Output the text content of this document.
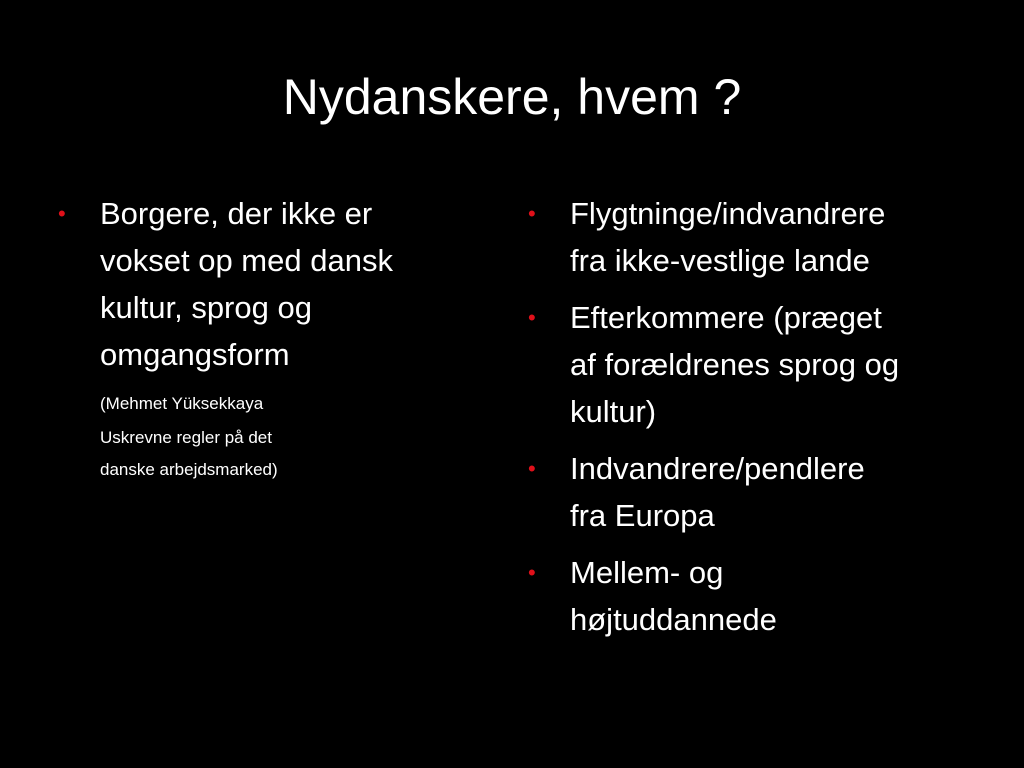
Nydanskere, hvem ?
• Borgere, der ikke er
vokset op med dansk
kultur, sprog og
omgangsform
(Mehmet Yüksekkaya
Uskrevne regler på det
danske arbejdsmarked)
• Flygtninge/indvandrere
fra ikke-vestlige lande
• Efterkommere (præget
af forældrenes sprog og
kultur)
• Indvandrere/pendlere
fra Europa
• Mellem- og
højtuddannede
